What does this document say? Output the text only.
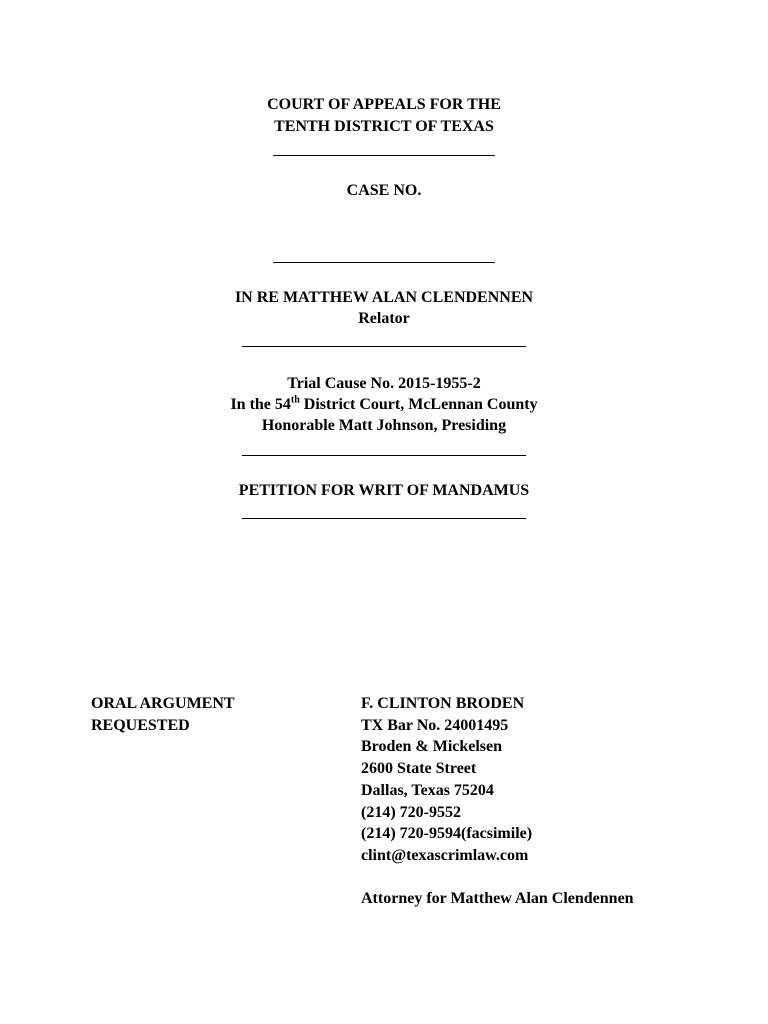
COURT OF APPEALS FOR THE
TENTH DISTRICT OF TEXAS
CASE NO.
IN RE MATTHEW ALAN CLENDENNEN
Relator
Trial Cause No. 2015-1955-2
In the 54th District Court, McLennan County
Honorable Matt Johnson, Presiding
PETITION FOR WRIT OF MANDAMUS
ORAL ARGUMENT
REQUESTED
F. CLINTON BRODEN
TX Bar No. 24001495
Broden & Mickelsen
2600 State Street
Dallas, Texas 75204
(214) 720-9552
(214) 720-9594(facsimile)
clint@texascrimlaw.com
Attorney for Matthew Alan Clendennen
